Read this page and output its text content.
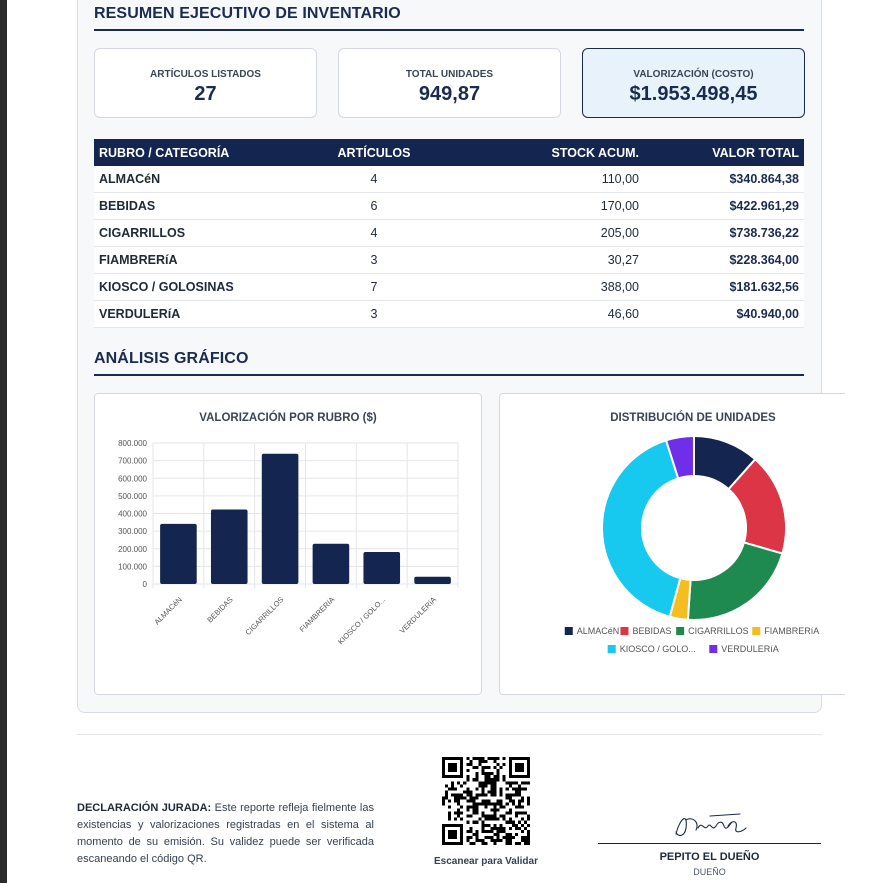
RESUMEN EJECUTIVO DE INVENTARIO
ARTÍCULOS LISTADOS
27
TOTAL UNIDADES
949,87
VALORIZACIÓN (COSTO)
$1.953.498,45
RUBRO / CATEGORÍA	ARTÍCULOS	STOCK ACUM.	VALOR TOTAL
ALMACéN	4	110,00	$340.864,38
BEBIDAS	6	170,00	$422.961,29
CIGARRILLOS	4	205,00	$738.736,22
FIAMBRERíA	3	30,27	$228.364,00
KIOSCO / GOLOSINAS	7	388,00	$181.632,56
VERDULERíA	3	46,60	$40.940,00
ANÁLISIS GRÁFICO
VALORIZACIÓN POR RUBRO ($)
800.000
700.000
600.000
500.000
400.000
300.000
200.000
100.000
0
ALMACéN	BEBIDAS CIGARRILLOS FIAMBRERíA KIOSCO / GOLO... VERDULERíA
DISTRIBUCIÓN DE UNIDADES
ALMACéN BEBIDAS CIGARRILLOS FIAMBRERíA
KIOSCO / GOLO...	VERDULERíA
DECLARACIÓN JURADA: Este reporte refleja fielmente las existencias y valorizaciones registradas en el sistema al momento de su emisión. Su validez puede ser verificada escaneando el código QR.	Escanear para Validar	PEPITO EL DUEÑO
DUEÑO
